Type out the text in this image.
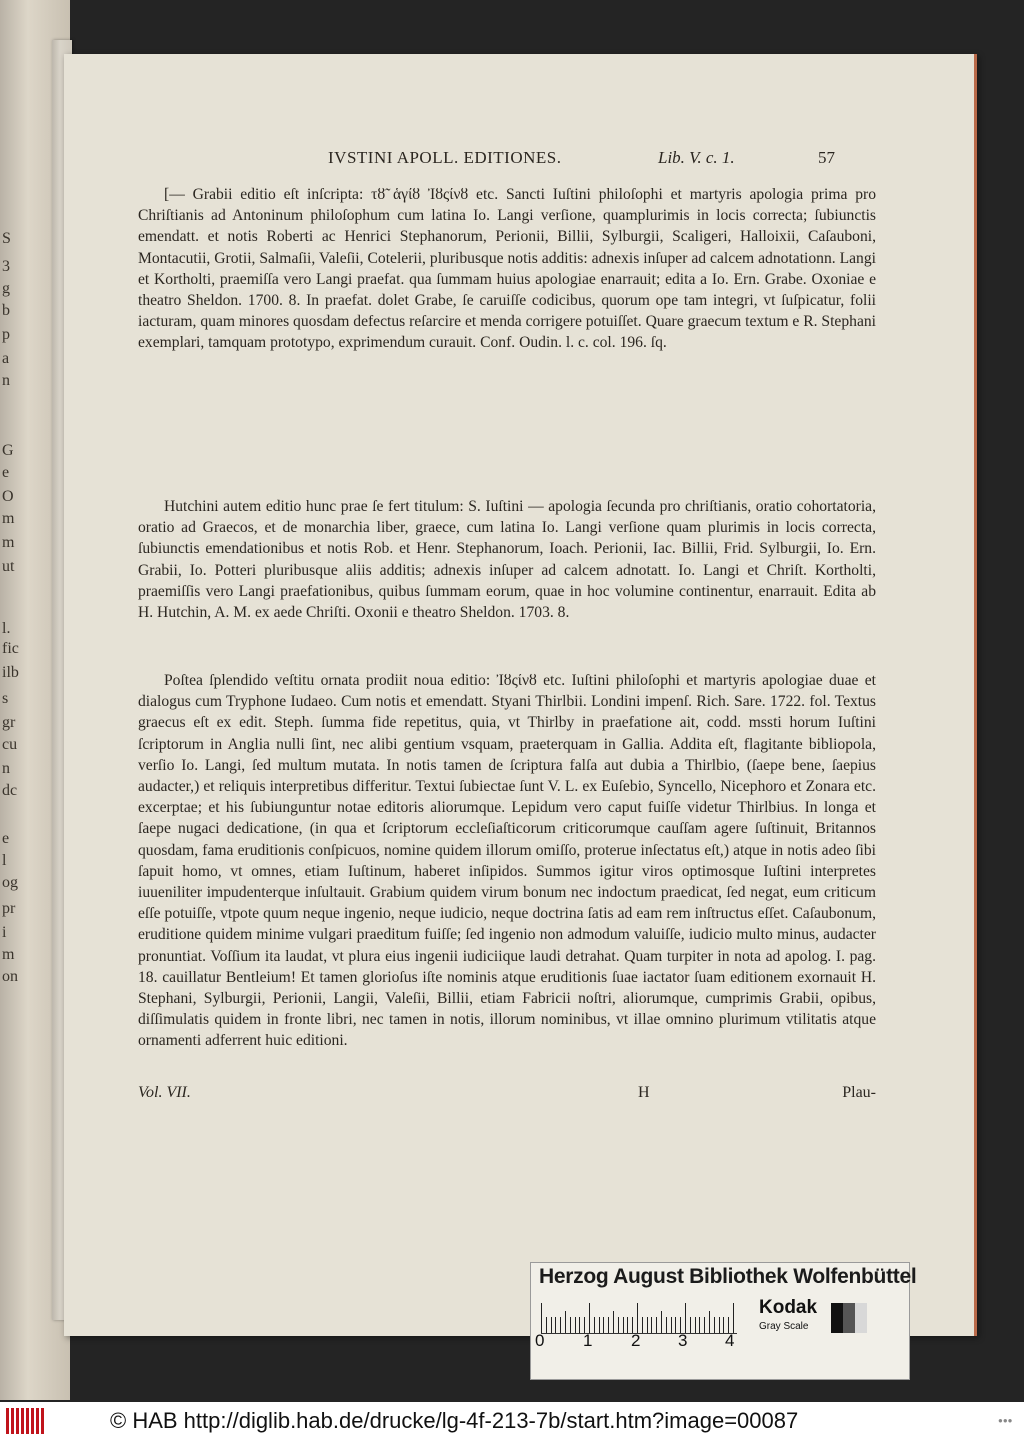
S
3
g
b
p
a
n
G
e
O
m
m
ut
l.
fic
ilb
s
gr
cu
n
dc
e
l
og
pr
i
m
on
IVSTINI APOLL. EDITIONES.	Lib. V. c. 1.	57

[— Grabii editio eſt inſcripta: τȣ̃ ἁγίȣ Ἰȣςίνȣ etc. Sancti Iuſtini philoſophi et martyris apologia prima pro Chriſtianis ad Antoninum philoſophum cum latina Io. Langi verſione, quamplurimis in locis correcta; ſubiunctis emendatt. et notis Roberti ac Henrici Stephanorum, Perionii, Billii, Sylburgii, Scaligeri, Halloixii, Caſauboni, Montacutii, Grotii, Salmaſii, Valeſii, Cotelerii, pluribusque notis additis: adnexis inſuper ad calcem adnotationn. Langi et Kortholti, praemiſſa vero Langi praefat. qua ſummam huius apologiae enarrauit; edita a Io. Ern. Grabe. Oxoniae e theatro Sheldon. 1700. 8. In praefat. dolet Grabe, ſe caruiſſe codicibus, quorum ope tam integri, vt ſuſpicatur, folii iacturam, quam minores quosdam defectus reſarcire et menda corrigere potuiſſet. Quare graecum textum e R. Stephani exemplari, tamquam prototypo, exprimendum curauit. Conf. Oudin. l. c. col. 196. ſq.

Hutchini autem editio hunc prae ſe fert titulum: S. Iuſtini — apologia ſecunda pro chriſtianis, oratio cohortatoria, oratio ad Graecos, et de monarchia liber, graece, cum latina Io. Langi verſione quam plurimis in locis correcta, ſubiunctis emendationibus et notis Rob. et Henr. Stephanorum, Ioach. Perionii, Iac. Billii, Frid. Sylburgii, Io. Ern. Grabii, Io. Potteri pluribusque aliis additis; adnexis inſuper ad calcem adnotatt. Io. Langi et Chriſt. Kortholti, praemiſſis vero Langi praefationibus, quibus ſummam eorum, quae in hoc volumine continentur, enarrauit. Edita ab H. Hutchin, A. M. ex aede Chriſti. Oxonii e theatro Sheldon. 1703. 8.

Poſtea ſplendido veſtitu ornata prodiit noua editio: Ἰȣςίνȣ etc. Iuſtini philoſophi et martyris apologiae duae et dialogus cum Tryphone Iudaeo. Cum notis et emendatt. Styani Thirlbii. Londini impenſ. Rich. Sare. 1722. fol. Textus graecus eſt ex edit. Steph. ſumma fide repetitus, quia, vt Thirlby in praefatione ait, codd. mssti horum Iuſtini ſcriptorum in Anglia nulli ſint, nec alibi gentium vsquam, praeterquam in Gallia. Addita eſt, flagitante bibliopola, verſio Io. Langi, ſed multum mutata. In notis tamen de ſcriptura falſa aut dubia a Thirlbio, (ſaepe bene, ſaepius audacter,) et reliquis interpretibus differitur. Textui ſubiectae ſunt V. L. ex Euſebio, Syncello, Nicephoro et Zonara etc. excerptae; et his ſubiunguntur notae editoris aliorumque. Lepidum vero caput fuiſſe videtur Thirlbius. In longa et ſaepe nugaci dedicatione, (in qua et ſcriptorum eccleſiaſticorum criticorumque cauſſam agere ſuſtinuit, Britannos quosdam, fama eruditionis conſpicuos, nomine quidem illorum omiſſo, proterue inſectatus eſt,) atque in notis adeo ſibi ſapuit homo, vt omnes, etiam Iuſtinum, haberet inſipidos. Summos igitur viros optimosque Iuſtini interpretes iuueniliter impudenterque inſultauit. Grabium quidem virum bonum nec indoctum praedicat, ſed negat, eum criticum eſſe potuiſſe, vtpote quum neque ingenio, neque iudicio, neque doctrina ſatis ad eam rem inſtructus eſſet. Caſaubonum, eruditione quidem minime vulgari praeditum fuiſſe; ſed ingenio non admodum valuiſſe, iudicio multo minus, audacter pronuntiat. Voſſium ita laudat, vt plura eius ingenii iudiciique laudi detrahat. Quam turpiter in nota ad apolog. I. pag. 18. cauillatur Bentleium! Et tamen glorioſus iſte nominis atque eruditionis ſuae iactator ſuam editionem exornauit H. Stephani, Sylburgii, Perionii, Langii, Valeſii, Billii, etiam Fabricii noſtri, aliorumque, cumprimis Grabii, opibus, diſſimulatis quidem in fronte libri, nec tamen in notis, illorum nominibus, vt illae omnino plurimum vtilitatis atque ornamenti adferrent huic editioni.

Vol. VII.	H	Plau-
Herzog August Bibliothek Wolfenbüttel
0 1 2 3 4
Kodak
Gray Scale
© HAB http://diglib.hab.de/drucke/lg-4f-213-7b/start.htm?image=00087	●●●
